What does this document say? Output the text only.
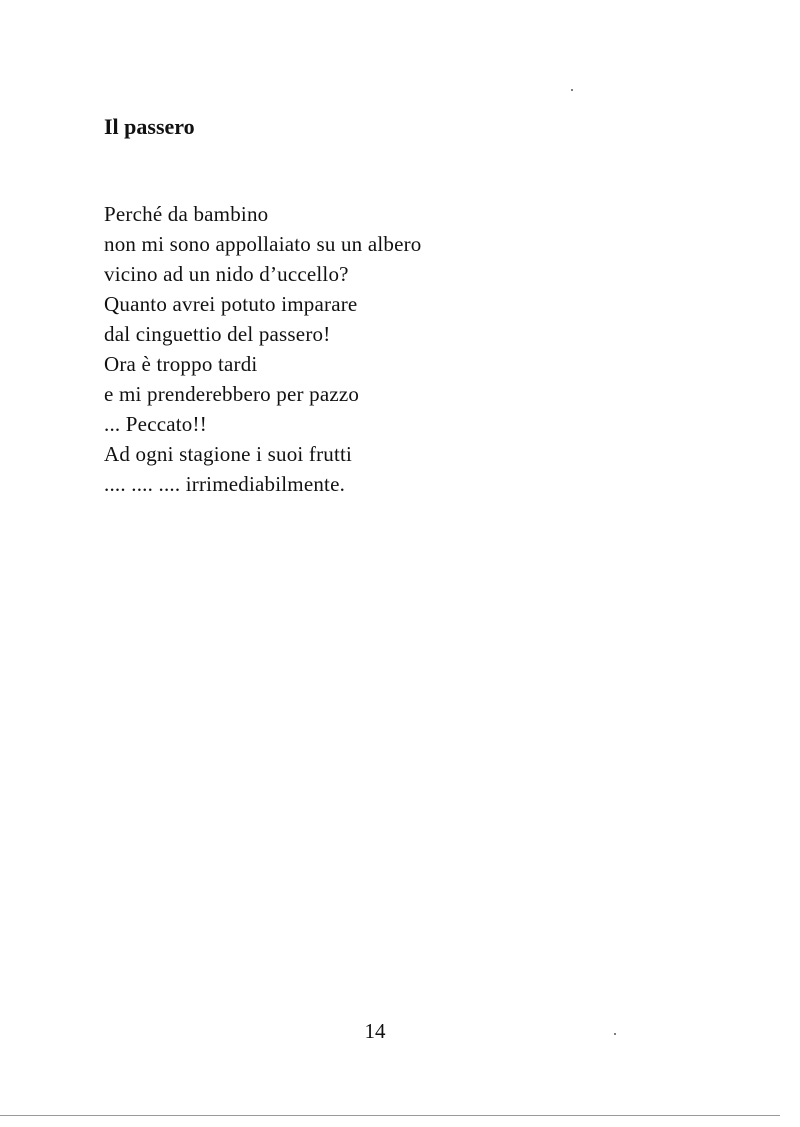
Il passero
Perché da bambino
non mi sono appollaiato su un albero
vicino ad un nido d’uccello?
Quanto avrei potuto imparare
dal cinguettio del passero!
Ora è troppo tardi
e mi prenderebbero per pazzo
... Peccato!!
Ad ogni stagione i suoi frutti
.... .... .... irrimediabilmente.
14
